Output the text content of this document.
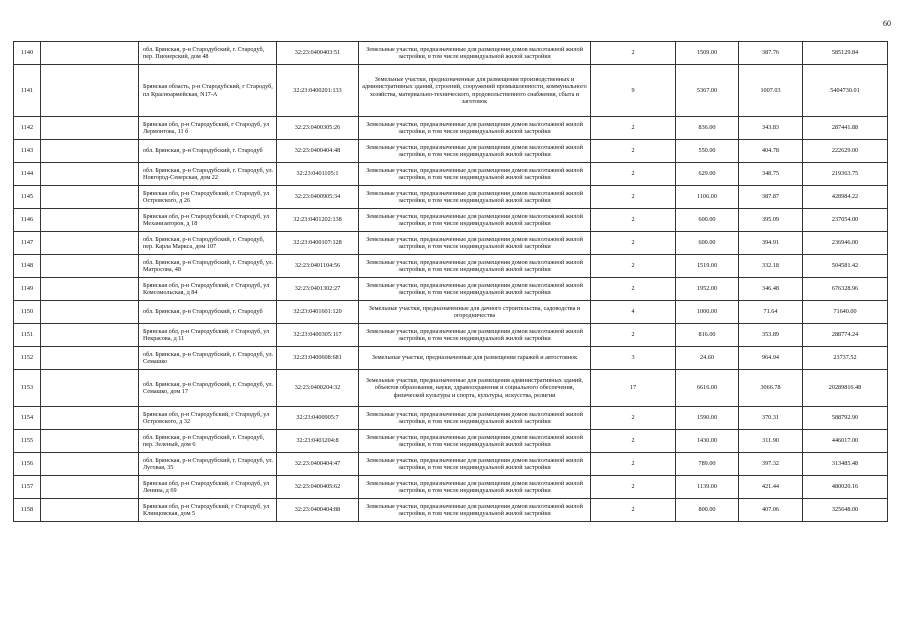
60
1140		обл. Брянская, р-н Стародубский, г. Стародуб, пер. Пионерский, дом 48	32:23:0400403:51	Земельные участки, предназначенные для размещения домов малоэтажной жилой застройки, в том числе индивидуальной жилой застройки	2	1509.00	387.76	585129.84
1141		Брянская область, р-н Стародубский, г Стародуб, пл Красноармейская, N17-A	32:23:0400201:133	Земельные участки, предназначенные для размещения производственных и административных зданий, строений, сооружений промышленности, коммунального хозяйства, материально-технического, продовольственного снабжения, сбыта и заготовок	9	5367.00	1007.03	5404730.01
1142		Брянская обл, р-н Стародубский, г Стародуб, ул Лермонтова, 11 б	32:23:0400305:26	Земельные участки, предназначенные для размещения домов малоэтажной жилой застройки, в том числе индивидуальной жилой застройки	2	836.00	343.83	287441.88
1143		обл. Брянская, р-н Стародубский, г. Стародуб	32:23:0400404:48	Земельные участки, предназначенные для размещения домов малоэтажной жилой застройки, в том числе индивидуальной жилой застройки	2	550.00	404.78	222629.00
1144		обл. Брянская, р-н Стародубский, г. Стародуб, ул. Новгород-Северская, дом 22	32:23:0401105:1	Земельные участки, предназначенные для размещения домов малоэтажной жилой застройки, в том числе индивидуальной жилой застройки	2	629.00	348.75	219363.75
1145		Брянская обл, р-н Стародубский, г Стародуб, ул Островского, д 26	32:23:0400905:34	Земельные участки, предназначенные для размещения домов малоэтажной жилой застройки, в том числе индивидуальной жилой застройки	2	1106.00	387.87	428984.22
1146		Брянская обл, р-н Стародубский, г Стародуб, ул Механизаторов, д 18	32:23:0401202:138	Земельные участки, предназначенные для размещения домов малоэтажной жилой застройки, в том числе индивидуальной жилой застройки	2	600.00	395.09	237054.00
1147		обл. Брянская, р-н Стародубский, г. Стародуб, пер. Карла Маркса, дом 107	32:23:0400107:128	Земельные участки, предназначенные для размещения домов малоэтажной жилой застройки, в том числе индивидуальной жилой застройки	2	600.00	394.91	236946.00
1148		обл. Брянская, р-н Стародубский, г. Стародуб, ул. Матросова, 48	32:23:0401104:56	Земельные участки, предназначенные для размещения домов малоэтажной жилой застройки, в том числе индивидуальной жилой застройки	2	1519.00	332.18	504581.42
1149		Брянская обл, р-н Стародубский, г Стародуб, ул Комсомольская, д 84	32:23:0401302:27	Земельные участки, предназначенные для размещения домов малоэтажной жилой застройки, в том числе индивидуальной жилой застройки	2	1952.00	346.48	676328.96
1150		обл. Брянская, р-н Стародубский, г. Стародуб	32:23:0401601:120	Земельные участки, предназначенные для дачного строительства, садоводства и огородничества	4	1000.00	71.64	71640.00
1151		Брянская обл, р-н Стародубский, г Стародуб, ул Некрасова, д 11	32:23:0400305:117	Земельные участки, предназначенные для размещения домов малоэтажной жилой застройки, в том числе индивидуальной жилой застройки	2	816.00	353.89	288774.24
1152		обл. Брянская, р-н Стародубский, г. Стародуб, ул. Семашко	32:23:0400608:681	Земельные участки, предназначенные для размещения гаражей и автостоянок	3	24.60	964.94	23737.52
1153		обл. Брянская, р-н Стародубский, г. Стародуб, ул. Семашко, дом 17	32:23:0400204:32	Земельные участки, предназначенные для размещения административных зданий, объектов образования, науки, здравоохранения и социального обеспечения, физической культуры и спорта, культуры, искусства, религии	17	6616.00	3066.78	20289816.48
1154		Брянская обл, р-н Стародубский, г Стародуб, ул Островского, д 32	32:23:0400905:7	Земельные участки, предназначенные для размещения домов малоэтажной жилой застройки, в том числе индивидуальной жилой застройки	2	1590.00	370.31	588792.90
1155		обл. Брянская, р-н Стародубский, г. Стародуб, пер. Зеленый, дом 6	32:23:0401204:8	Земельные участки, предназначенные для размещения домов малоэтажной жилой застройки, в том числе индивидуальной жилой застройки	2	1430.00	311.90	446017.00
1156		обл. Брянская, р-н Стародубский, г. Стародуб, ул. Луговая, 35	32:23:0400404:47	Земельные участки, предназначенные для размещения домов малоэтажной жилой застройки, в том числе индивидуальной жилой застройки	2	789.00	397.32	313485.48
1157		Брянская обл, р-н Стародубский, г Стародуб, ул Ленина, д 69	32:23:0400405:62	Земельные участки, предназначенные для размещения домов малоэтажной жилой застройки, в том числе индивидуальной жилой застройки	2	1139.00	421.44	480020.16
1158		Брянская обл, р-н Стародубский, г Стародуб, ул Клинцовская, дом 5	32:23:0400404:88	Земельные участки, предназначенные для размещения домов малоэтажной жилой застройки, в том числе индивидуальной жилой застройки	2	800.00	407.06	325648.00
